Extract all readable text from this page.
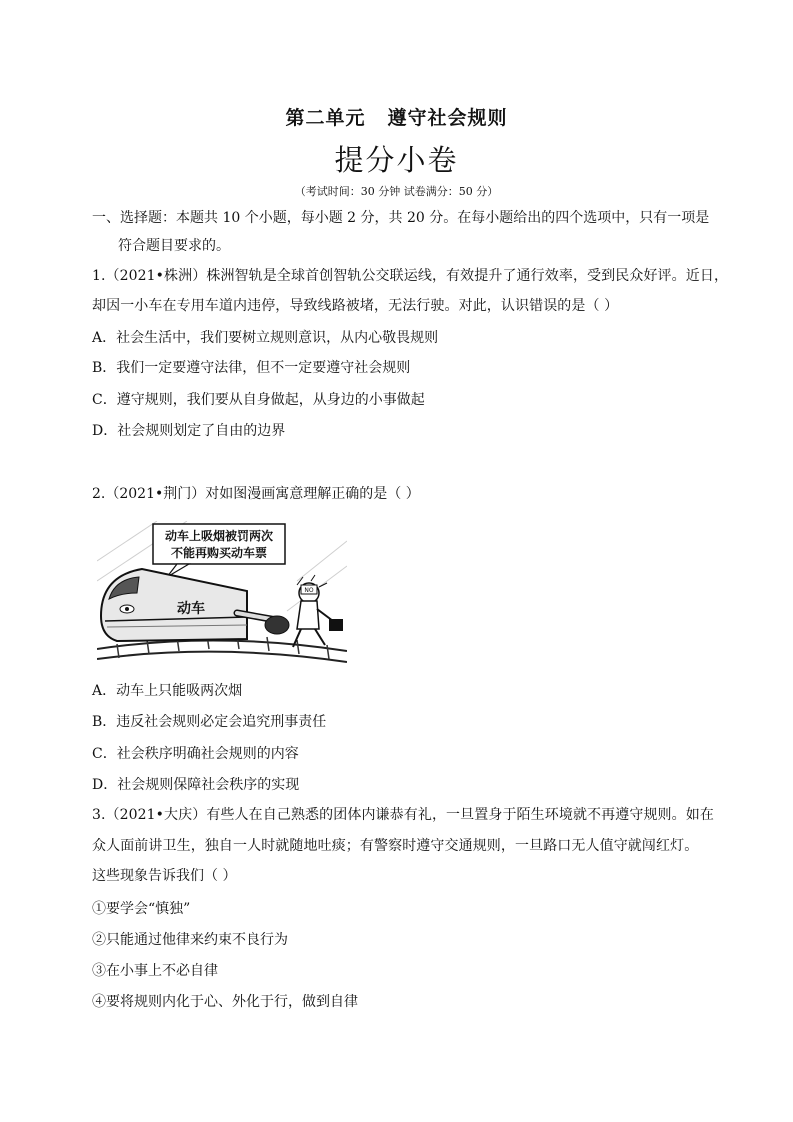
第二单元 遵守社会规则
提分小卷
（考试时间：30 分钟 试卷满分：50 分）
一、选择题：本题共 10 个小题，每小题 2 分，共 20 分。在每小题给出的四个选项中，只有一项是
符合题目要求的。
1.（2021•株洲）株洲智轨是全球首创智轨公交联运线，有效提升了通行效率，受到民众好评。近日，
却因一小车在专用车道内违停，导致线路被堵，无法行驶。对此，认识错误的是（ ）
A．社会生活中，我们要树立规则意识，从内心敬畏规则
B．我们一定要遵守法律，但不一定要遵守社会规则
C．遵守规则，我们要从自身做起，从身边的小事做起
D．社会规则划定了自由的边界
2.（2021•荆门）对如图漫画寓意理解正确的是（ ）
动车上吸烟被罚两次
不能再购买动车票
动车
NO
A．动车上只能吸两次烟
B．违反社会规则必定会追究刑事责任
C．社会秩序明确社会规则的内容
D．社会规则保障社会秩序的实现
3.（2021•大庆）有些人在自己熟悉的团体内谦恭有礼，一旦置身于陌生环境就不再遵守规则。如在
众人面前讲卫生，独自一人时就随地吐痰；有警察时遵守交通规则，一旦路口无人值守就闯红灯。
这些现象告诉我们（ ）
①要学会“慎独”
②只能通过他律来约束不良行为
③在小事上不必自律
④要将规则内化于心、外化于行，做到自律
